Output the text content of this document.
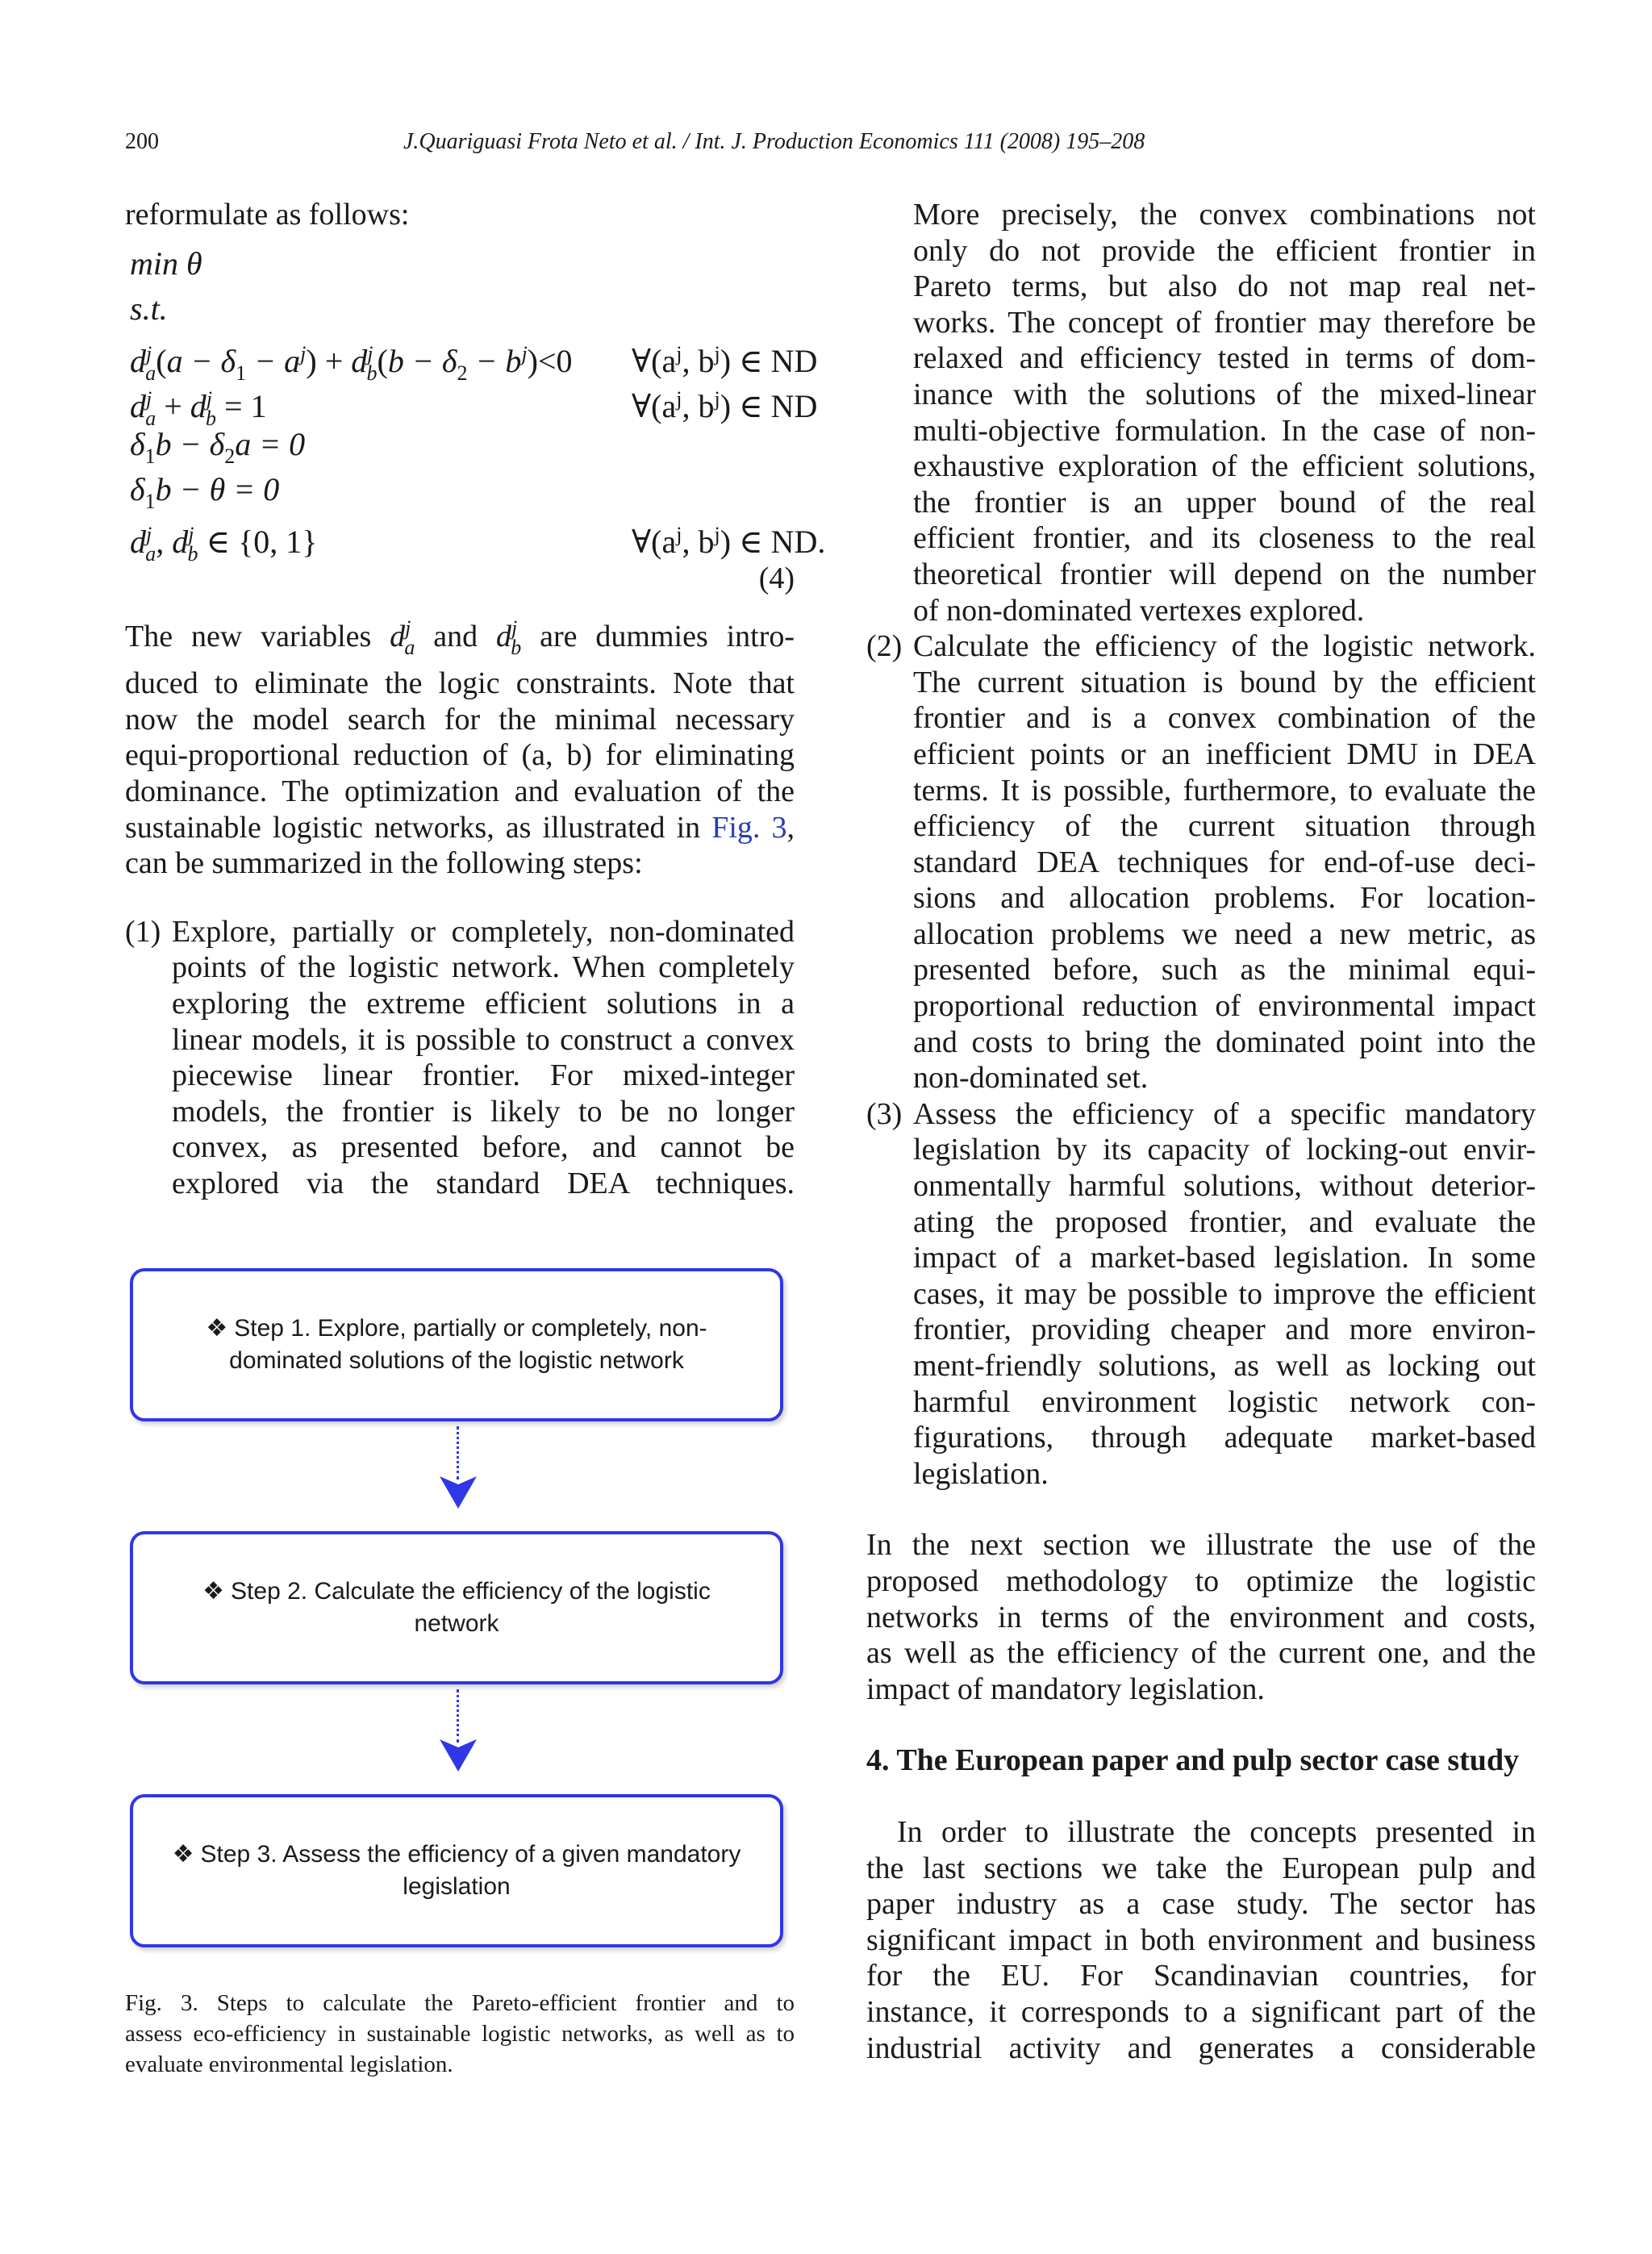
200	J.Quariguasi Frota Neto et al. / Int. J. Production Economics 111 (2008) 195–208

reformulate as follows:

min θ
s.t.
$d^j_a(a - \delta_1 - a^j) + d^j_b(b - \delta_2 - b^j)<0$ $\forall(a^j$, $b^j$) ∈ ND
$d^j_a + d^j_b = 1$	$\forall(a^j$, $b^j$) ∈ ND
$\delta_1b - \delta_2a = 0$
$\delta_1b - \theta = 0$
$d^j_a$, $d^j_b$ ∈ {0, 1}	$\forall(a^j$, $b^j$) ∈ ND.
(4)

The new variables $d^j_a$ and $d^j_b$ are dummies intro-

duced to eliminate the logic constraints. Note that

now the model search for the minimal necessary

equi-proportional reduction of (a, b) for eliminating

dominance. The optimization and evaluation of the

sustainable logistic networks, as illustrated in Fig. 3,

can be summarized in the following steps:

(1) Explore, partially or completely, non-dominated

points of the logistic network. When completely

exploring the extreme efficient solutions in a

linear models, it is possible to construct a convex

piecewise linear frontier. For mixed-integer

models, the frontier is likely to be no longer

convex, as presented before, and cannot be

explored via the standard DEA techniques.

❖ Step 1. Explore, partially or completely, non-dominated solutions of the logistic network
❖ Step 2. Calculate the efficiency of the logistic network
❖ Step 3. Assess the efficiency of a given mandatory legislation

Fig. 3. Steps to calculate the Pareto-efficient frontier and to

assess eco-efficiency in sustainable logistic networks, as well as to

evaluate environmental legislation.

More precisely, the convex combinations not

only do not provide the efficient frontier in

Pareto terms, but also do not map real net-

works. The concept of frontier may therefore be

relaxed and efficiency tested in terms of dom-

inance with the solutions of the mixed-linear

multi-objective formulation. In the case of non-

exhaustive exploration of the efficient solutions,

the frontier is an upper bound of the real

efficient frontier, and its closeness to the real

theoretical frontier will depend on the number

of non-dominated vertexes explored.

(2) Calculate the efficiency of the logistic network.

The current situation is bound by the efficient

frontier and is a convex combination of the

efficient points or an inefficient DMU in DEA

terms. It is possible, furthermore, to evaluate the

efficiency of the current situation through

standard DEA techniques for end-of-use deci-

sions and allocation problems. For location-

allocation problems we need a new metric, as

presented before, such as the minimal equi-

proportional reduction of environmental impact

and costs to bring the dominated point into the

non-dominated set.

(3) Assess the efficiency of a specific mandatory

legislation by its capacity of locking-out envir-

onmentally harmful solutions, without deterior-

ating the proposed frontier, and evaluate the

impact of a market-based legislation. In some

cases, it may be possible to improve the efficient

frontier, providing cheaper and more environ-

ment-friendly solutions, as well as locking out

harmful environment logistic network con-

figurations, through adequate market-based

legislation.

In the next section we illustrate the use of the

proposed methodology to optimize the logistic

networks in terms of the environment and costs,

as well as the efficiency of the current one, and the

impact of mandatory legislation.

4. The European paper and pulp sector case study

In order to illustrate the concepts presented in

the last sections we take the European pulp and

paper industry as a case study. The sector has

significant impact in both environment and business

for the EU. For Scandinavian countries, for

instance, it corresponds to a significant part of the

industrial activity and generates a considerable
